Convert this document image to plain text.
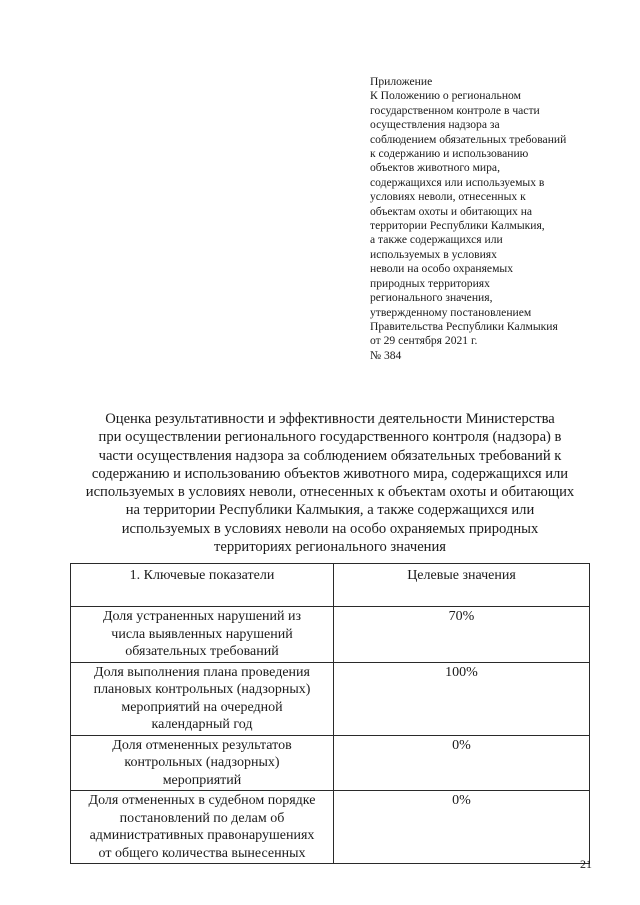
Приложение
К Положению о региональном
государственном контроле в части
осуществления надзора за
соблюдением обязательных требований
к содержанию и использованию
объектов животного мира,
содержащихся или используемых в
условиях неволи, отнесенных к
объектам охоты и обитающих на
территории Республики Калмыкия,
а также содержащихся или
используемых в условиях
неволи на особо охраняемых
природных территориях
регионального значения,
утвержденному постановлением
Правительства Республики Калмыкия
от 29 сентября 2021 г.
№ 384
Оценка результативности и эффективности деятельности Министерства
при осуществлении регионального государственного контроля (надзора) в
части осуществления надзора за соблюдением обязательных требований к
содержанию и использованию объектов животного мира, содержащихся или
используемых в условиях неволи, отнесенных к объектам охоты и обитающих
на территории Республики Калмыкия, а также содержащихся или
используемых в условиях неволи на особо охраняемых природных
территориях регионального значения
1. Ключевые показатели	Целевые значения

Доля устраненных нарушений из
числа выявленных нарушений
обязательных требований	70%

Доля выполнения плана проведения
плановых контрольных (надзорных)
мероприятий на очередной
календарный год	100%

Доля отмененных результатов
контрольных (надзорных)
мероприятий	0%

Доля отмененных в судебном порядке
постановлений по делам об
административных правонарушениях
от общего количества вынесенных	0%
21
